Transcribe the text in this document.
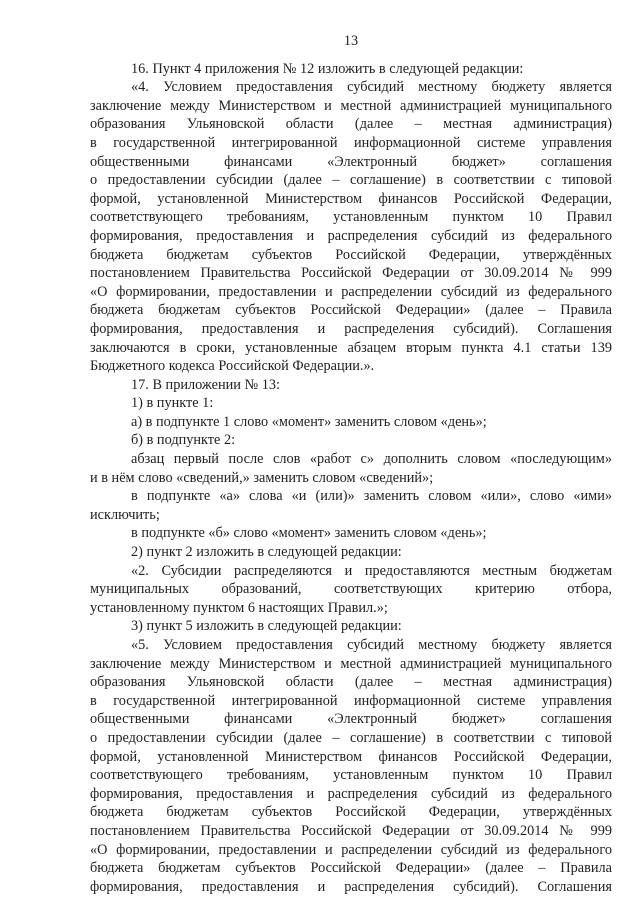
13

16. Пункт 4 приложения № 12 изложить в следующей редакции:

«4. Условием предоставления субсидий местному бюджету является
заключение между Министерством и местной администрацией муниципального
образования Ульяновской области (далее – местная администрация)
в государственной интегрированной информационной системе управления
общественными финансами «Электронный бюджет» соглашения
о предоставлении субсидии (далее – соглашение) в соответствии с типовой
формой, установленной Министерством финансов Российской Федерации,
соответствующего требованиям, установленным пунктом 10 Правил
формирования, предоставления и распределения субсидий из федерального
бюджета бюджетам субъектов Российской Федерации, утверждённых
постановлением Правительства Российской Федерации от 30.09.2014 № 999
«О формировании, предоставлении и распределении субсидий из федерального
бюджета бюджетам субъектов Российской Федерации» (далее – Правила
формирования, предоставления и распределения субсидий). Соглашения
заключаются в сроки, установленные абзацем вторым пункта 4.1 статьи 139
Бюджетного кодекса Российской Федерации.».

17. В приложении № 13:

1) в пункте 1:

а) в подпункте 1 слово «момент» заменить словом «день»;

б) в подпункте 2:

абзац первый после слов «работ с» дополнить словом «последующим»
и в нём слово «сведений,» заменить словом «сведений»;

в подпункте «а» слова «и (или)» заменить словом «или», слово «ими»
исключить;

в подпункте «б» слово «момент» заменить словом «день»;

2) пункт 2 изложить в следующей редакции:

«2. Субсидии распределяются и предоставляются местным бюджетам
муниципальных образований, соответствующих критерию отбора,
установленному пунктом 6 настоящих Правил.»;

3) пункт 5 изложить в следующей редакции:

«5. Условием предоставления субсидий местному бюджету является
заключение между Министерством и местной администрацией муниципального
образования Ульяновской области (далее – местная администрация)
в государственной интегрированной информационной системе управления
общественными финансами «Электронный бюджет» соглашения
о предоставлении субсидии (далее – соглашение) в соответствии с типовой
формой, установленной Министерством финансов Российской Федерации,
соответствующего требованиям, установленным пунктом 10 Правил
формирования, предоставления и распределения субсидий из федерального
бюджета бюджетам субъектов Российской Федерации, утверждённых
постановлением Правительства Российской Федерации от 30.09.2014 № 999
«О формировании, предоставлении и распределении субсидий из федерального
бюджета бюджетам субъектов Российской Федерации» (далее – Правила
формирования, предоставления и распределения субсидий). Соглашения
